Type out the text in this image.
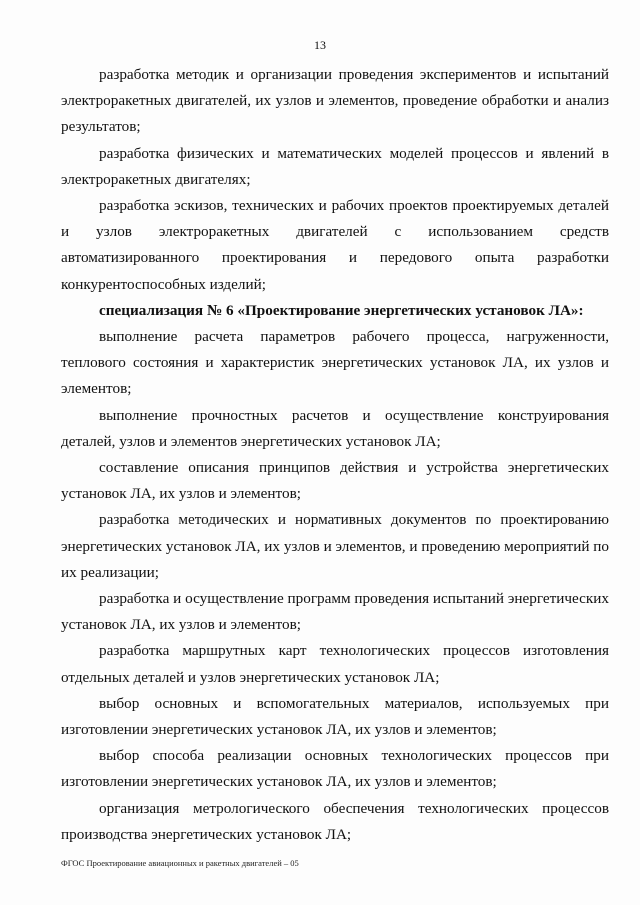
13

разработка методик и организации проведения экспериментов и испытаний электроракетных двигателей, их узлов и элементов, проведение обработки и анализ результатов;

разработка физических и математических моделей процессов и явлений в электроракетных двигателях;

разработка эскизов, технических и рабочих проектов проектируемых деталей и узлов электроракетных двигателей с использованием средств автоматизированного проектирования и передового опыта разработки конкурентоспособных изделий;

специализация № 6 «Проектирование энергетических установок ЛА»:

выполнение расчета параметров рабочего процесса, нагруженности, теплового состояния и характеристик энергетических установок ЛА, их узлов и элементов;

выполнение прочностных расчетов и осуществление конструирования деталей, узлов и элементов энергетических установок ЛА;

составление описания принципов действия и устройства энергетических установок ЛА, их узлов и элементов;

разработка методических и нормативных документов по проектированию энергетических установок ЛА, их узлов и элементов, и проведению мероприятий по их реализации;

разработка и осуществление программ проведения испытаний энергетических установок ЛА, их узлов и элементов;

разработка маршрутных карт технологических процессов изготовления отдельных деталей и узлов энергетических установок ЛА;

выбор основных и вспомогательных материалов, используемых при изготовлении энергетических установок ЛА, их узлов и элементов;

выбор способа реализации основных технологических процессов при изготовлении энергетических установок ЛА, их узлов и элементов;

организация метрологического обеспечения технологических процессов производства энергетических установок ЛА;

ФГОС Проектирование авиационных и ракетных двигателей – 05
